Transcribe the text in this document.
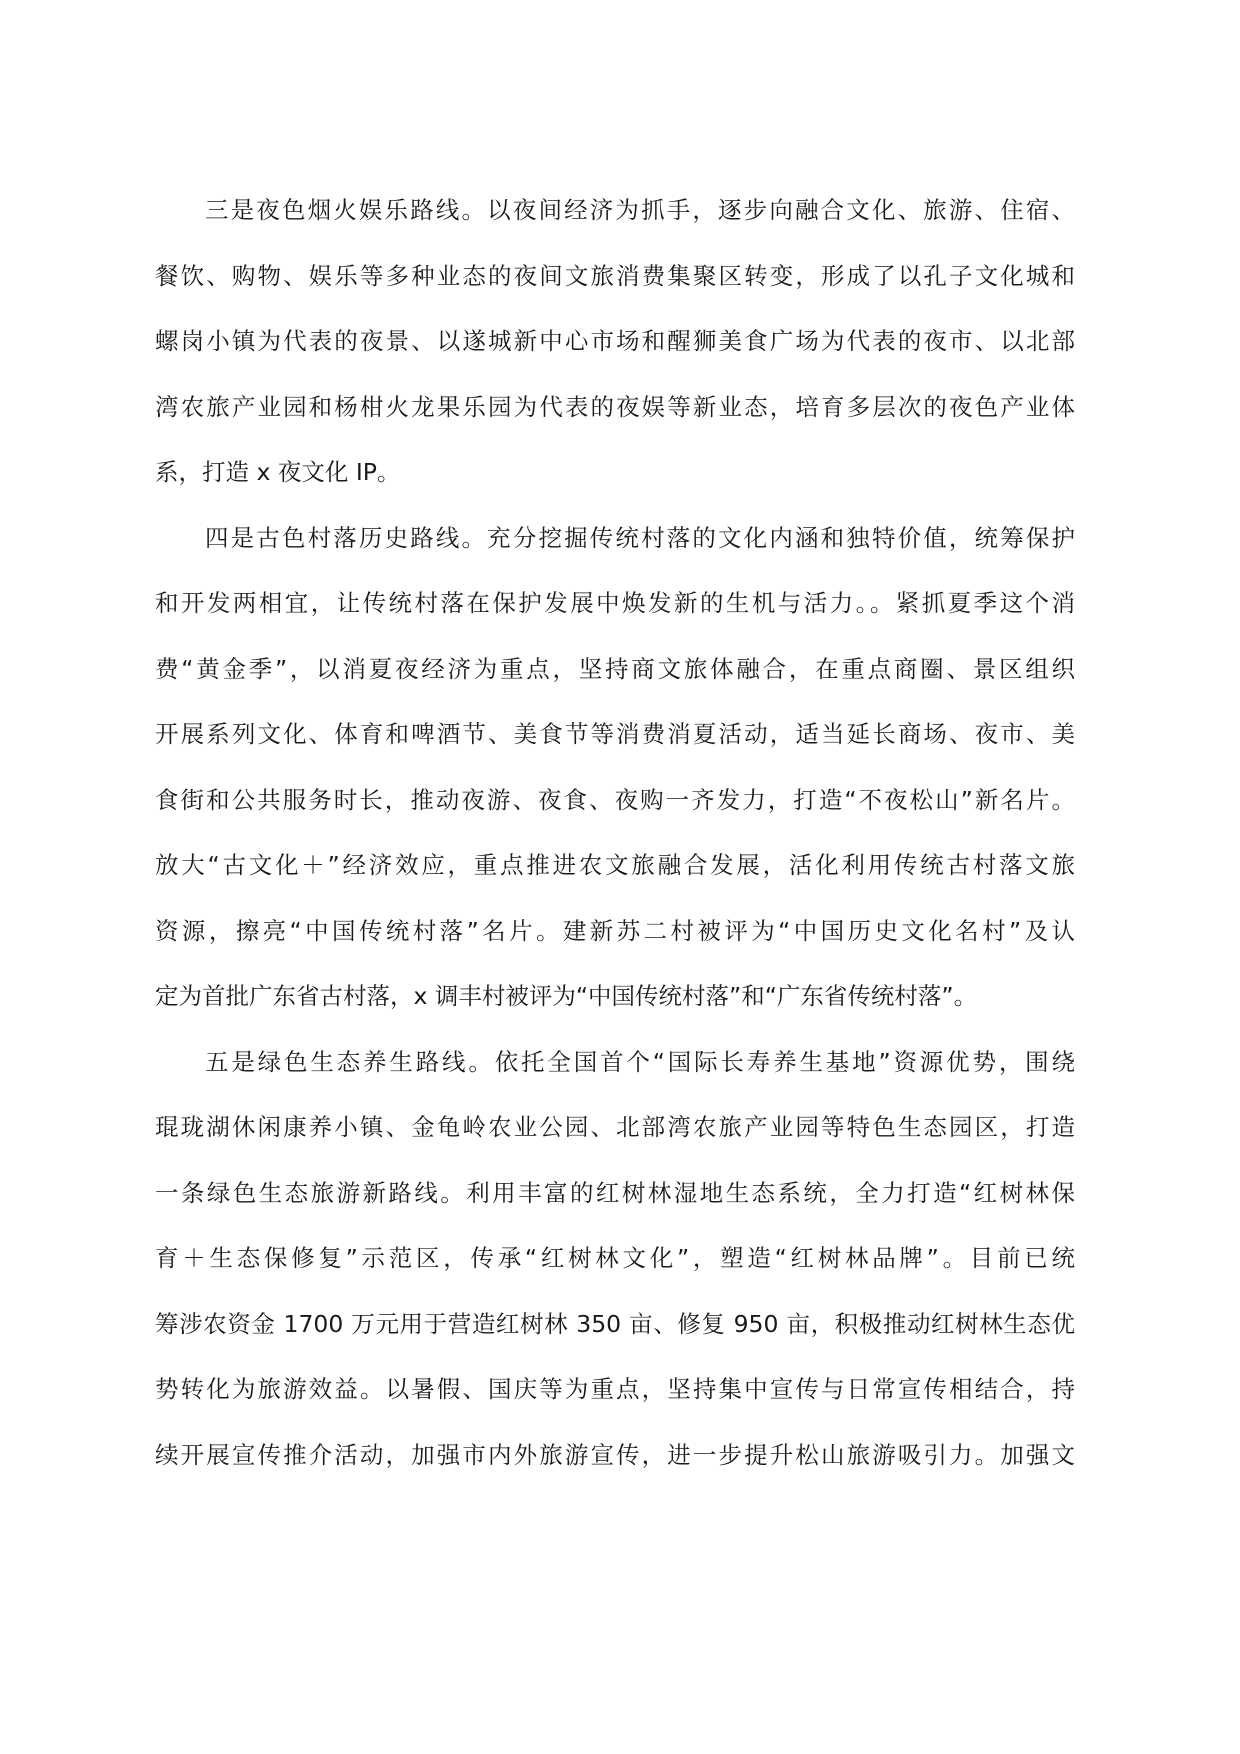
三是夜色烟火娱乐路线。以夜间经济为抓手，逐步向融合文化、旅游、住宿、
餐饮、购物、娱乐等多种业态的夜间文旅消费集聚区转变，形成了以孔子文化城和
螺岗小镇为代表的夜景、以遂城新中心市场和醒狮美食广场为代表的夜市、以北部
湾农旅产业园和杨柑火龙果乐园为代表的夜娱等新业态，培育多层次的夜色产业体
系，打造 x 夜文化 IP。
四是古色村落历史路线。充分挖掘传统村落的文化内涵和独特价值，统筹保护
和开发两相宜，让传统村落在保护发展中焕发新的生机与活力。。紧抓夏季这个消
费“黄金季”，以消夏夜经济为重点，坚持商文旅体融合，在重点商圈、景区组织
开展系列文化、体育和啤酒节、美食节等消费消夏活动，适当延长商场、夜市、美
食街和公共服务时长，推动夜游、夜食、夜购一齐发力，打造“不夜松山”新名片。
放大“古文化＋”经济效应，重点推进农文旅融合发展，活化利用传统古村落文旅
资源，擦亮“中国传统村落”名片。建新苏二村被评为“中国历史文化名村”及认
定为首批广东省古村落，x 调丰村被评为“中国传统村落”和“广东省传统村落”。
五是绿色生态养生路线。依托全国首个“国际长寿养生基地”资源优势，围绕
琨珑湖休闲康养小镇、金龟岭农业公园、北部湾农旅产业园等特色生态园区，打造
一条绿色生态旅游新路线。利用丰富的红树林湿地生态系统，全力打造“红树林保
育＋生态保修复”示范区，传承“红树林文化”，塑造“红树林品牌”。目前已统
筹涉农资金 1700 万元用于营造红树林 350 亩、修复 950 亩，积极推动红树林生态优
势转化为旅游效益。以暑假、国庆等为重点，坚持集中宣传与日常宣传相结合，持
续开展宣传推介活动，加强市内外旅游宣传，进一步提升松山旅游吸引力。加强文
